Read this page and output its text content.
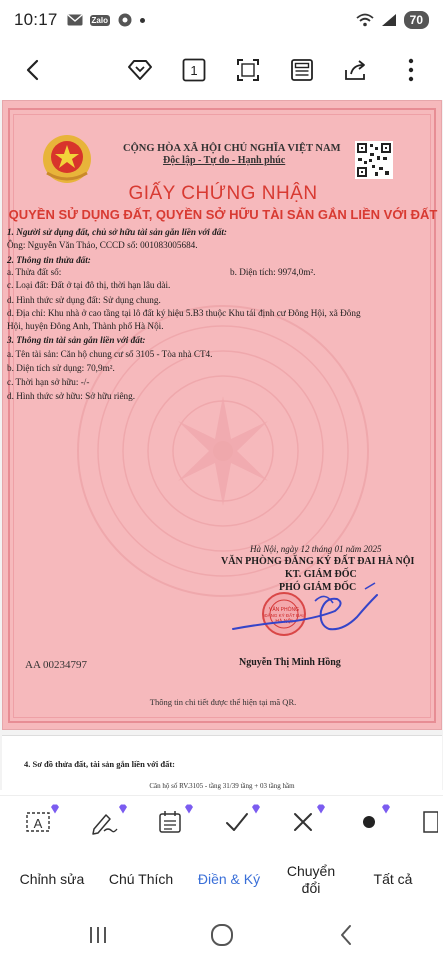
10:17	Zalo	70
1
CỘNG HÒA XÃ HỘI CHỦ NGHĨA VIỆT NAM
Độc lập - Tự do - Hạnh phúc
GIẤY CHỨNG NHẬN
QUYỀN SỬ DỤNG ĐẤT, QUYỀN SỞ HỮU TÀI SẢN GẮN LIỀN VỚI ĐẤT
1. Người sử dụng đất, chủ sở hữu tài sản gắn liền với đất:
Ông: Nguyễn Văn Thảo, CCCD số: 001083005684.
2. Thông tin thửa đất:
a. Thửa đất số:	b. Diện tích: 9974,0m².
c. Loại đất: Đất ở tại đô thị, thời hạn lâu dài.
d. Hình thức sử dụng đất: Sử dụng chung.
d. Địa chỉ: Khu nhà ở cao tầng tại lô đất ký hiệu 5.B3 thuộc Khu tái định cư Đông Hội, xã Đông
Hội, huyện Đông Anh, Thành phố Hà Nội.
3. Thông tin tài sản gắn liền với đất:
a. Tên tài sản: Căn hộ chung cư số 3105 - Tòa nhà CT4.
b. Diện tích sử dụng: 70,9m².
c. Thời hạn sở hữu: -/-
d. Hình thức sở hữu: Sở hữu riêng.
Hà Nội, ngày 12 tháng 01 năm 2025
VĂN PHÒNG ĐĂNG KÝ ĐẤT ĐAI HÀ NỘI
KT. GIÁM ĐỐC
PHÓ GIÁM ĐỐC
VĂN PHÒNG
ĐĂNG KÝ ĐẤT ĐAI
HÀ NỘI
Nguyễn Thị Minh Hồng
AA 00234797
Thông tin chi tiết được thể hiện tại mã QR.
4. Sơ đồ thửa đất, tài sản gắn liền với đất:
Căn hộ số RV.3105 - tầng 31/39 tầng + 03 tầng hầm
A
Chỉnh sửa	Chú Thích	Điền & Ký
Chuyển đổi
Tất cả
